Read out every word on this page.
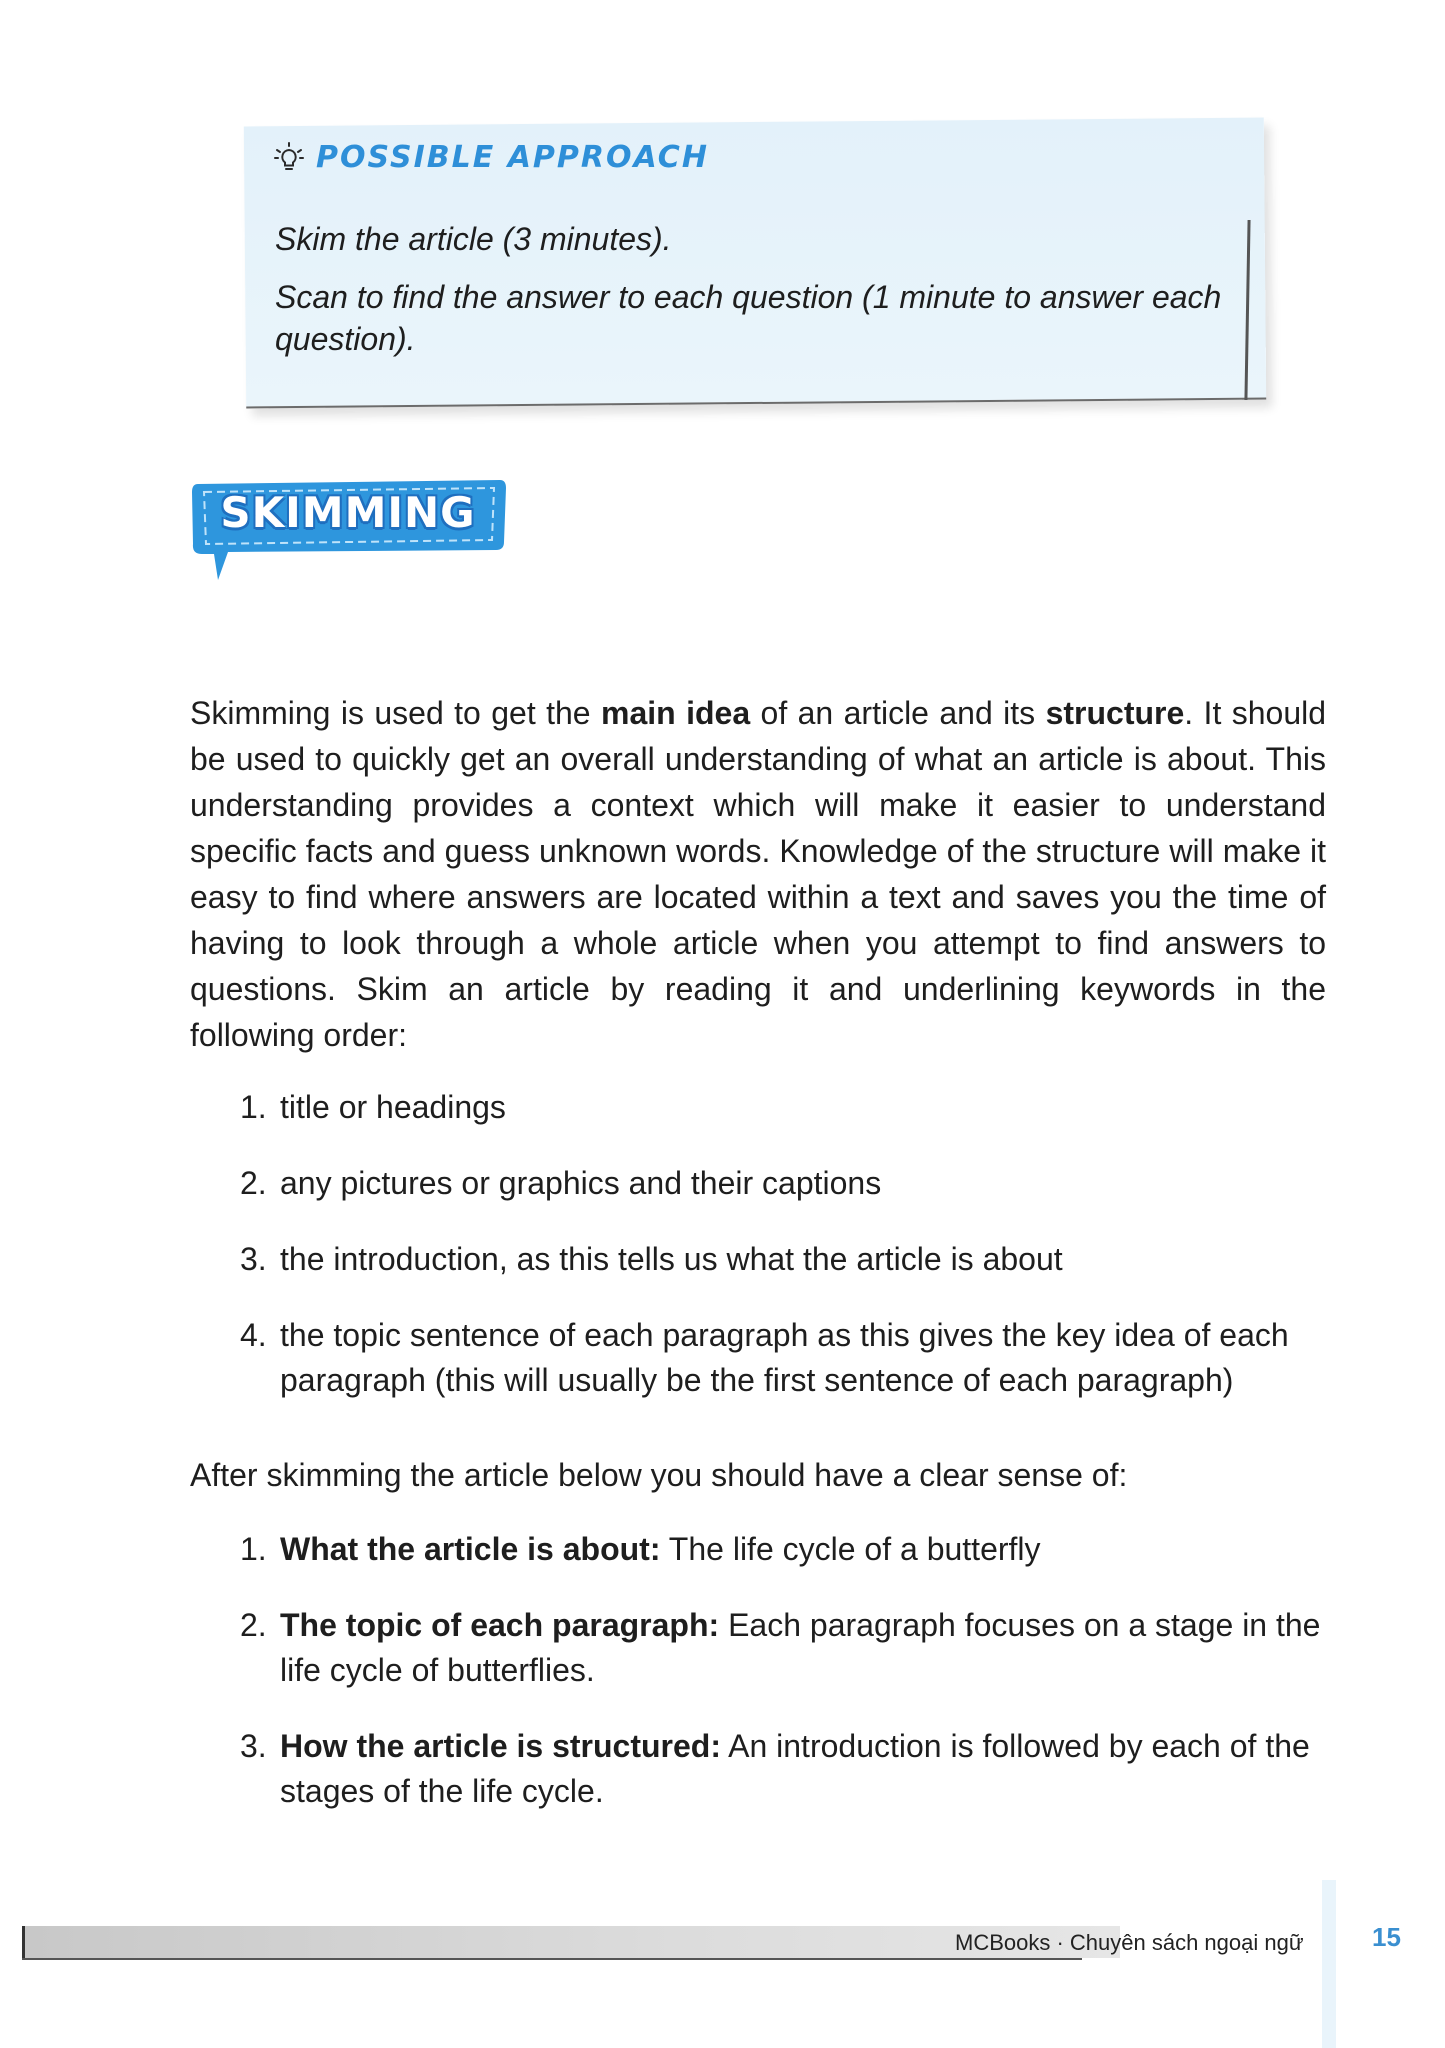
POSSIBLE APPROACH
Skim the article (3 minutes).
Scan to find the answer to each question (1 minute to answer each question).
SKIMMING
Skimming is used to get the main idea of an article and its structure. It should be used to quickly get an overall understanding of what an article is about. This understanding provides a context which will make it easier to understand specific facts and guess unknown words. Knowledge of the structure will make it easy to find where answers are located within a text and saves you the time of having to look through a whole article when you attempt to find answers to questions. Skim an article by reading it and underlining keywords in the following order:
1. title or headings
2. any pictures or graphics and their captions
3. the introduction, as this tells us what the article is about
4. the topic sentence of each paragraph as this gives the key idea of each paragraph (this will usually be the first sentence of each paragraph)
After skimming the article below you should have a clear sense of:
1. What the article is about: The life cycle of a butterfly
2. The topic of each paragraph: Each paragraph focuses on a stage in the life cycle of butterflies.
3. How the article is structured: An introduction is followed by each of the stages of the life cycle.
MCBooks · Chuyên sách ngoại ngữ	15
